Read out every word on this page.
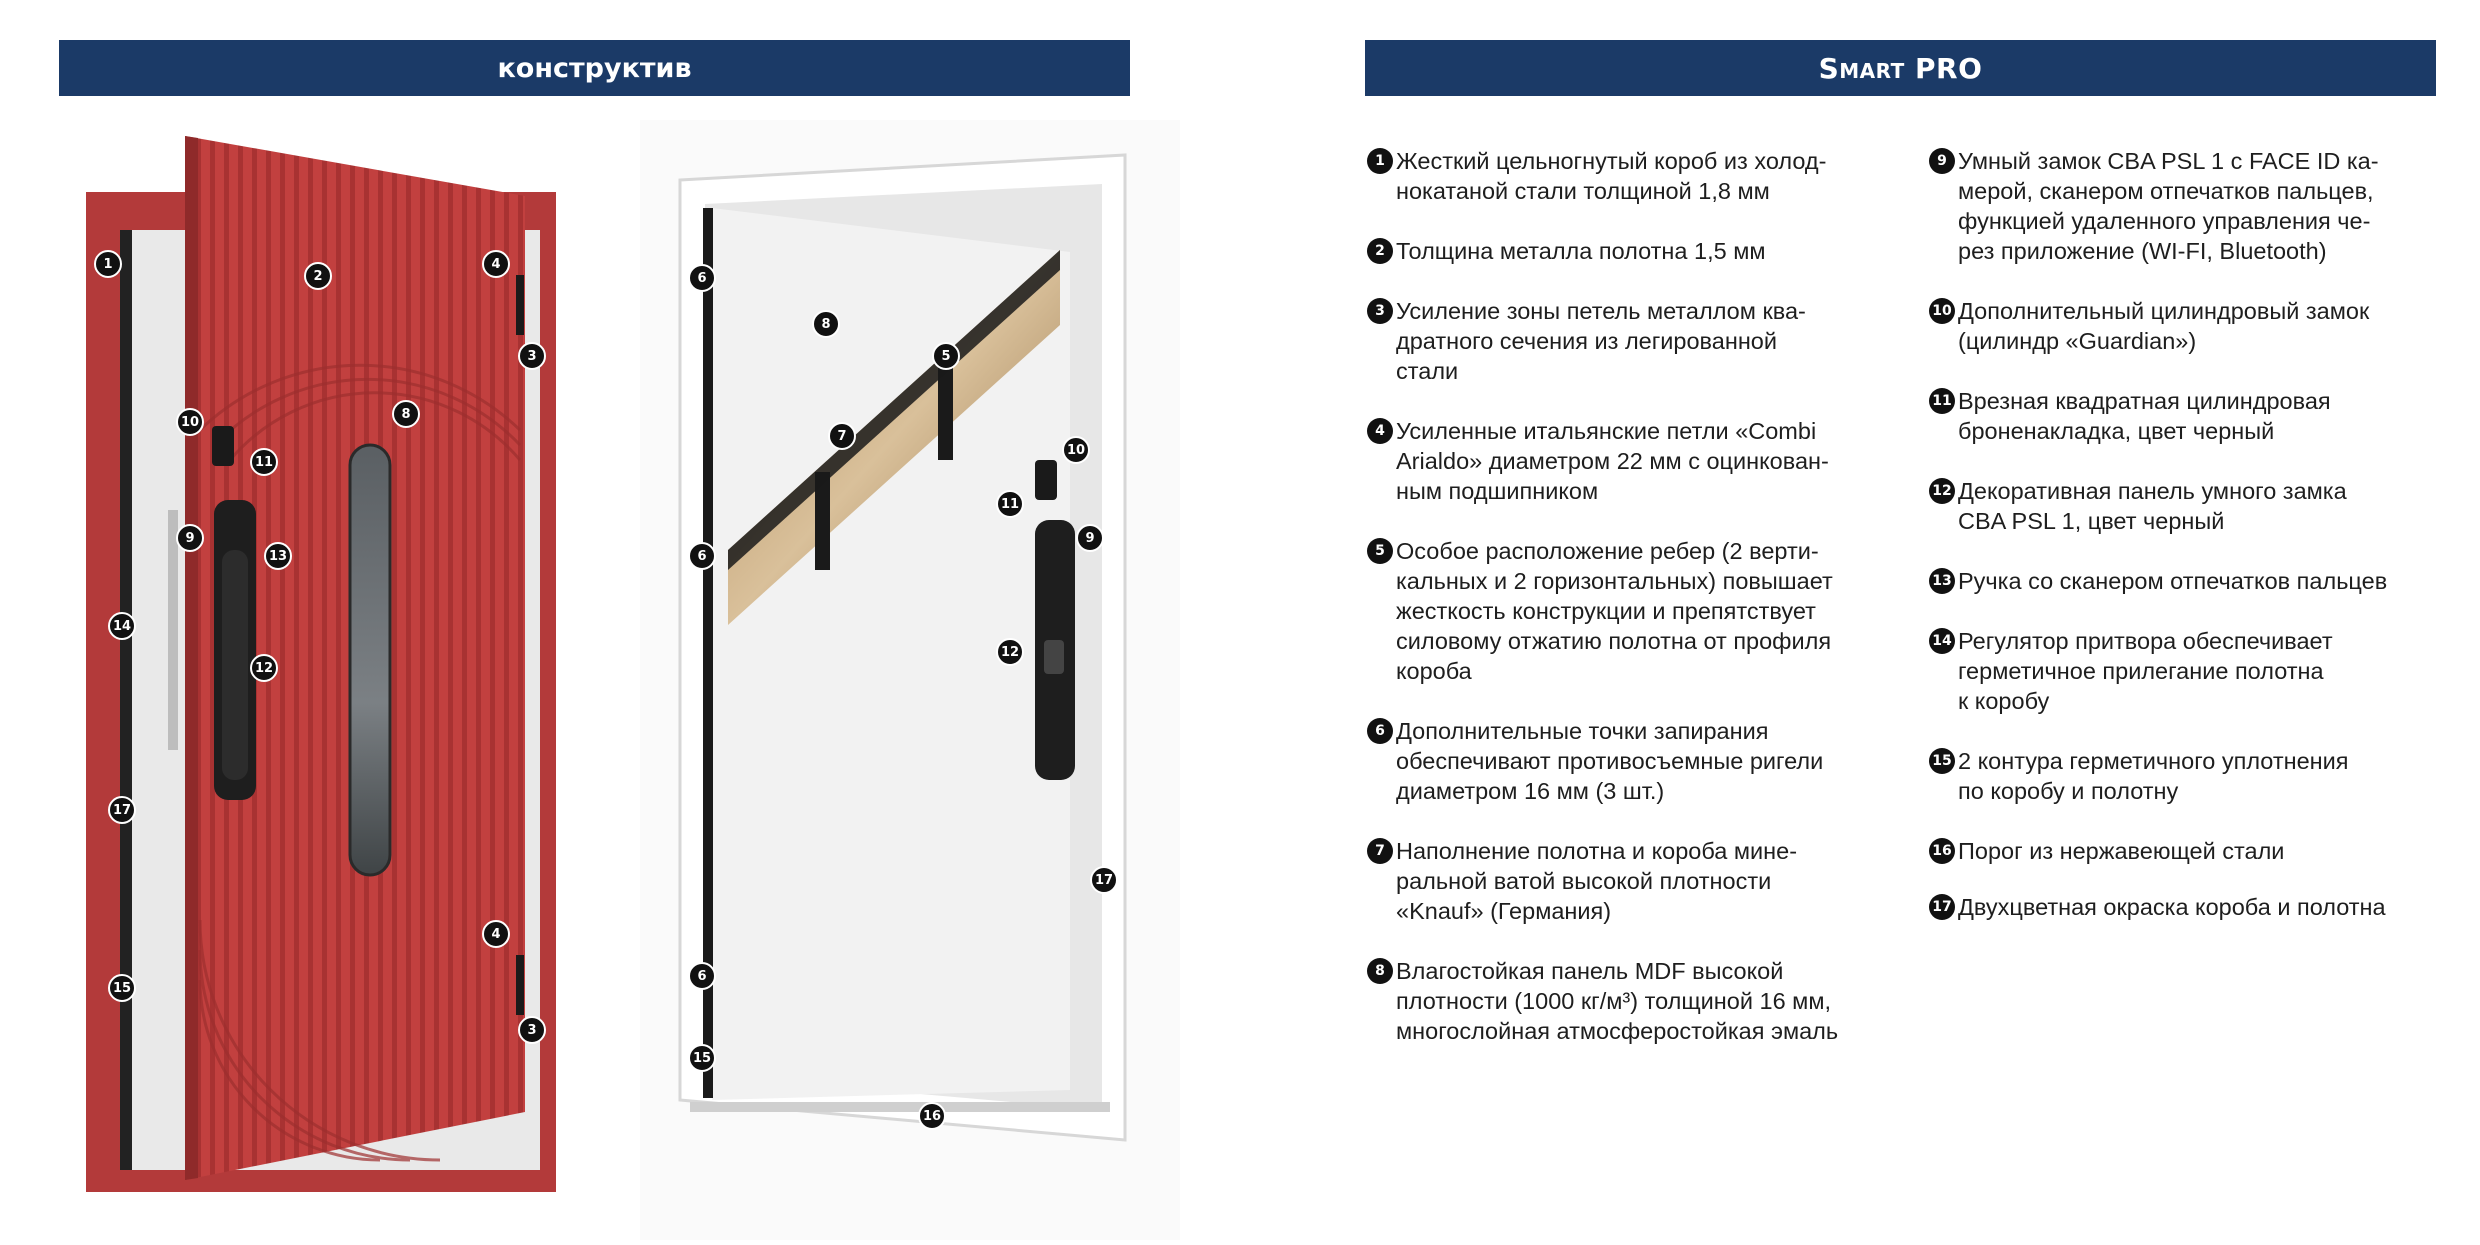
конструктив	Smart PRO
1
2
4
3
10
8
11
9
13
14
12
17
4
15
3
6
8
5
7
10
11
9
6
12
17
6
15
16
1 Жесткий цельногнутый короб из холод-
нокатаной стали толщиной 1,8 мм
2 Толщина металла полотна 1,5 мм
3 Усиление зоны петель металлом ква-
дратного сечения из легированной
стали
4 Усиленные итальянские петли «Combi
Arialdo» диаметром 22 мм с оцинкован-
ным подшипником
5 Особое расположение ребер (2 верти-
кальных и 2 горизонтальных) повышает
жесткость конструкции и препятствует
силовому отжатию полотна от профиля
короба
6 Дополнительные точки запирания
обеспечивают противосъемные ригели
диаметром 16 мм (3 шт.)
7 Наполнение полотна и короба мине-
ральной ватой высокой плотности
«Knauf» (Германия)
8 Влагостойкая панель MDF высокой
плотности (1000 кг/м³) толщиной 16 мм,
многослойная атмосферостойкая эмаль
9 Умный замок CBA PSL 1 с FACE ID ка-
мерой, сканером отпечатков пальцев,
функцией удаленного управления че-
рез приложение (WI-FI, Bluetooth)
10 Дополнительный цилиндровый замок
(цилиндр «Guardian»)
11 Врезная квадратная цилиндровая
броненакладка, цвет черный
12 Декоративная панель умного замка
CBA PSL 1, цвет черный
13 Ручка со сканером отпечатков пальцев
14 Регулятор притвора обеспечивает
герметичное прилегание полотна
к коробу
15 2 контура герметичного уплотнения
по коробу и полотну
16 Порог из нержавеющей стали
17 Двухцветная окраска короба и полотна
